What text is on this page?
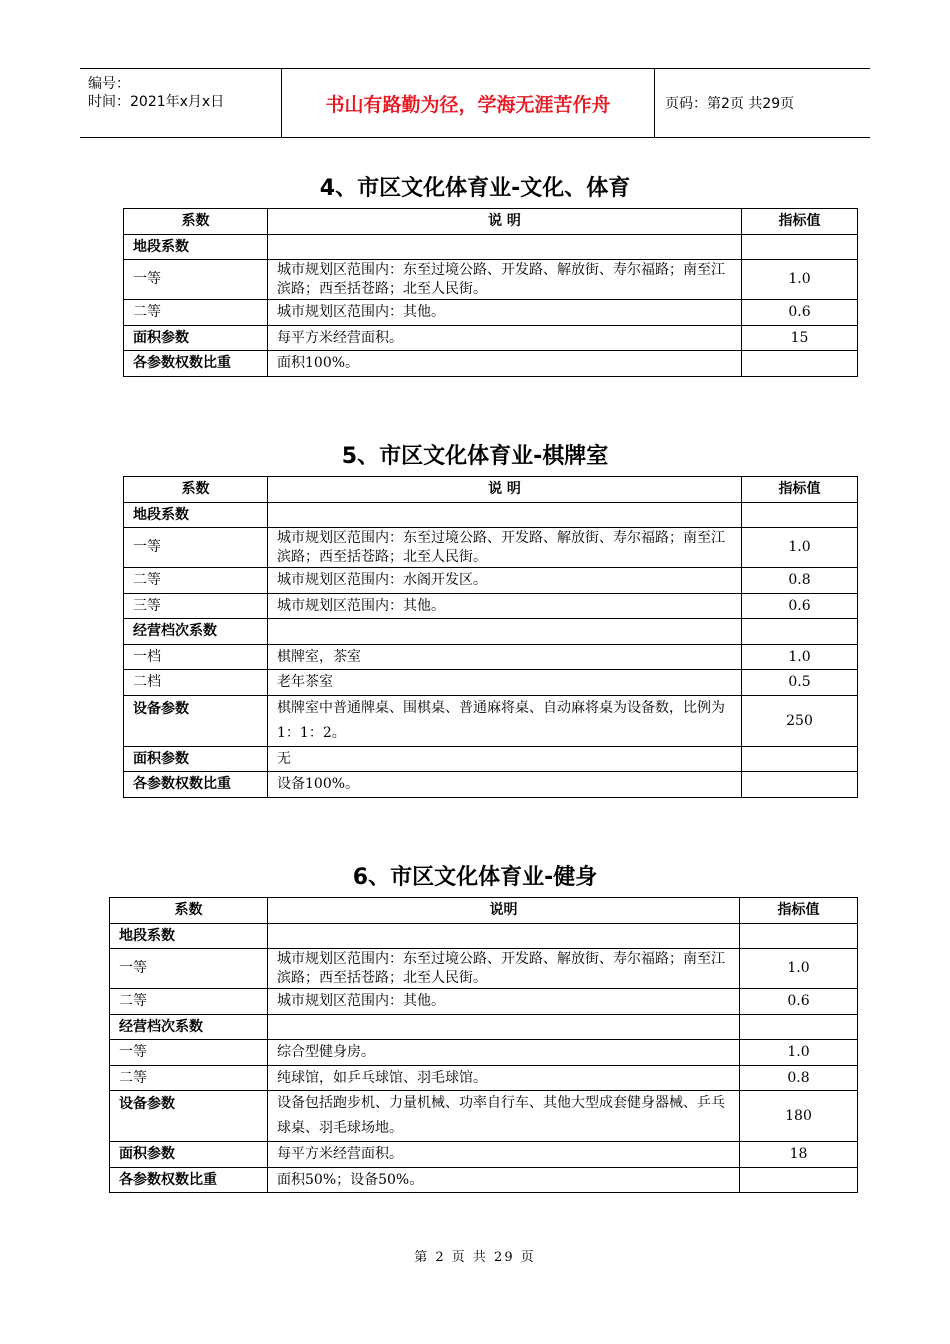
编号：
时间：2021年x月x日	书山有路勤为径，学海无涯苦作舟	页码：第2页 共29页
4、市区文化体育业-文化、体育
系数	说 明	指标值
地段系数		
一等	城市规划区范围内：东至过境公路、开发路、解放街、寿尔福路；南至江滨路；西至括苍路；北至人民街。	1.0
二等	城市规划区范围内：其他。	0.6
面积参数	每平方米经营面积。	15
各参数权数比重	面积100%。	
5、市区文化体育业-棋牌室
系数	说 明	指标值
地段系数		
一等	城市规划区范围内：东至过境公路、开发路、解放街、寿尔福路；南至江滨路；西至括苍路；北至人民街。	1.0
二等	城市规划区范围内：水阁开发区。	0.8
三等	城市规划区范围内：其他。	0.6
经营档次系数		
一档	棋牌室，茶室	1.0
二档	老年茶室	0.5
设备参数	棋牌室中普通牌桌、围棋桌、普通麻将桌、自动麻将桌为设备数，比例为1：1：2。	250
面积参数	无	
各参数权数比重	设备100%。	
6、市区文化体育业-健身
系数	说明	指标值
地段系数		
一等	城市规划区范围内：东至过境公路、开发路、解放街、寿尔福路；南至江滨路；西至括苍路；北至人民街。	1.0
二等	城市规划区范围内：其他。	0.6
经营档次系数		
一等	综合型健身房。	1.0
二等	纯球馆，如乒乓球馆、羽毛球馆。	0.8
设备参数	设备包括跑步机、力量机械、功率自行车、其他大型成套健身器械、乒乓球桌、羽毛球场地。	180
面积参数	每平方米经营面积。	18
各参数权数比重	面积50%；设备50%。	
第 2 页 共 29 页
